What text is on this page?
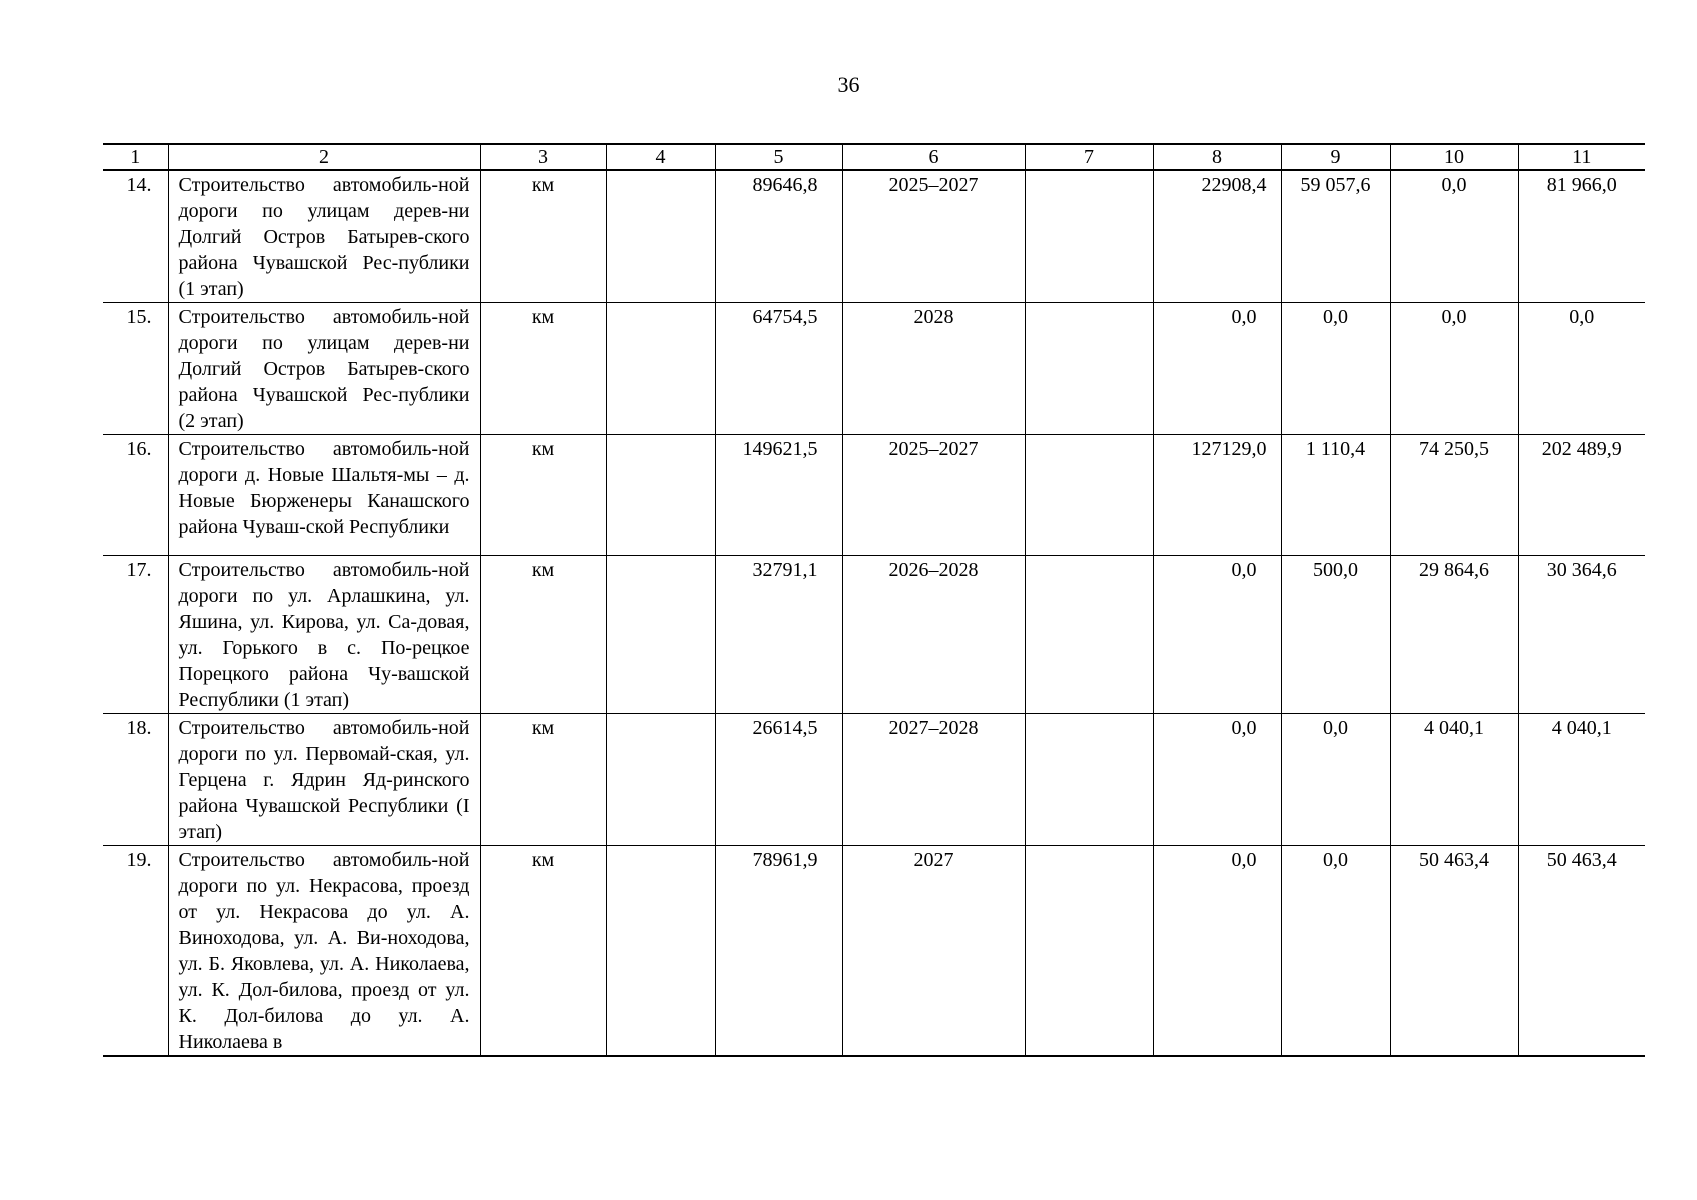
36
1	2	3	4	5	6	7	8	9	10	11
14.	Строительство автомобиль-ной дороги по улицам дерев-ни Долгий Остров Батырев-ского района Чувашской Рес-публики (1 этап)	км		89646,8	2025–2027		22908,4	59 057,6	0,0	81 966,0
15.	Строительство автомобиль-ной дороги по улицам дерев-ни Долгий Остров Батырев-ского района Чувашской Рес-публики (2 этап)	км		64754,5	2028		0,0	0,0	0,0	0,0
16.	Строительство автомобиль-ной дороги д. Новые Шальтя-мы – д. Новые Бюрженеры Канашского района Чуваш-ской Республики	км		149621,5	2025–2027		127129,0	1 110,4	74 250,5	202 489,9
17.	Строительство автомобиль-ной дороги по ул. Арлашкина, ул. Яшина, ул. Кирова, ул. Са-довая, ул. Горького в с. По-рецкое Порецкого района Чу-вашской Республики (1 этап)	км		32791,1	2026–2028		0,0	500,0	29 864,6	30 364,6
18.	Строительство автомобиль-ной дороги по ул. Первомай-ская, ул. Герцена г. Ядрин Яд-ринского района Чувашской Республики (I этап)	км		26614,5	2027–2028		0,0	0,0	4 040,1	4 040,1
19.	Строительство автомобиль-ной дороги по ул. Некрасова, проезд от ул. Некрасова до ул. А. Виноходова, ул. А. Ви-ноходова, ул. Б. Яковлева, ул. А. Николаева, ул. К. Дол-билова, проезд от ул. К. Дол-билова до ул. А. Николаева в	км		78961,9	2027		0,0	0,0	50 463,4	50 463,4
